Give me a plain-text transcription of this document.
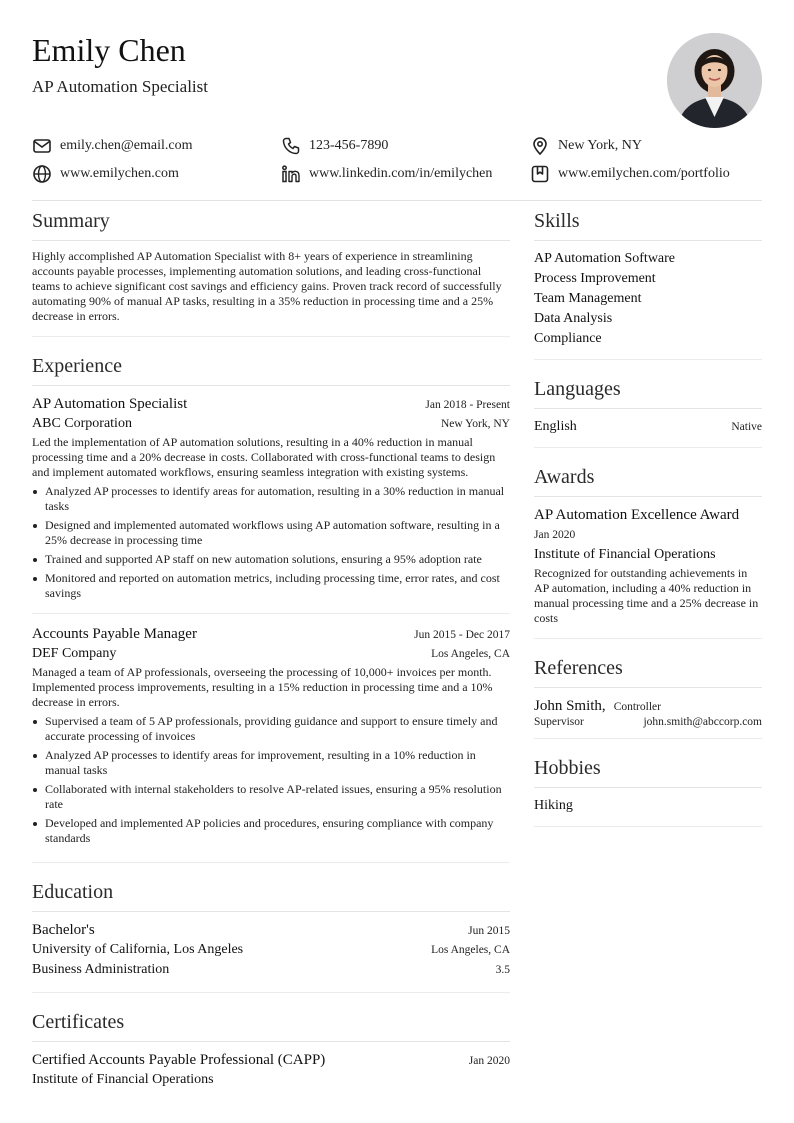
Emily Chen
AP Automation Specialist
emily.chen@email.com	123-456-7890	New York, NY
www.emilychen.com	www.linkedin.com/in/emilychen	www.emilychen.com/portfolio
Summary
Highly accomplished AP Automation Specialist with 8+ years of experience in streamlining accounts payable processes, implementing automation solutions, and leading cross-functional teams to achieve significant cost savings and efficiency gains. Proven track record of successfully automating 90% of manual AP tasks, resulting in a 35% reduction in processing time and a 25% decrease in errors.
Experience
AP Automation Specialist	Jan 2018 - Present
ABC Corporation	New York, NY
Led the implementation of AP automation solutions, resulting in a 40% reduction in manual processing time and a 20% decrease in costs. Collaborated with cross-functional teams to design and implement automated workflows, ensuring seamless integration with existing systems.
Analyzed AP processes to identify areas for automation, resulting in a 30% reduction in manual tasks
Designed and implemented automated workflows using AP automation software, resulting in a 25% decrease in processing time
Trained and supported AP staff on new automation solutions, ensuring a 95% adoption rate
Monitored and reported on automation metrics, including processing time, error rates, and cost savings
Accounts Payable Manager	Jun 2015 - Dec 2017
DEF Company	Los Angeles, CA
Managed a team of AP professionals, overseeing the processing of 10,000+ invoices per month. Implemented process improvements, resulting in a 15% reduction in processing time and a 10% decrease in errors.
Supervised a team of 5 AP professionals, providing guidance and support to ensure timely and accurate processing of invoices
Analyzed AP processes to identify areas for improvement, resulting in a 10% reduction in manual tasks
Collaborated with internal stakeholders to resolve AP-related issues, ensuring a 95% resolution rate
Developed and implemented AP policies and procedures, ensuring compliance with company standards
Education
Bachelor's	Jun 2015
University of California, Los Angeles	Los Angeles, CA
Business Administration	3.5
Certificates
Certified Accounts Payable Professional (CAPP)	Jan 2020
Institute of Financial Operations
Skills
AP Automation Software
Process Improvement
Team Management
Data Analysis
Compliance
Languages
English	Native
Awards
AP Automation Excellence Award
Jan 2020
Institute of Financial Operations
Recognized for outstanding achievements in AP automation, including a 40% reduction in manual processing time and a 25% decrease in costs
References
John Smith, Controller
Supervisor	john.smith@abccorp.com
Hobbies
Hiking
